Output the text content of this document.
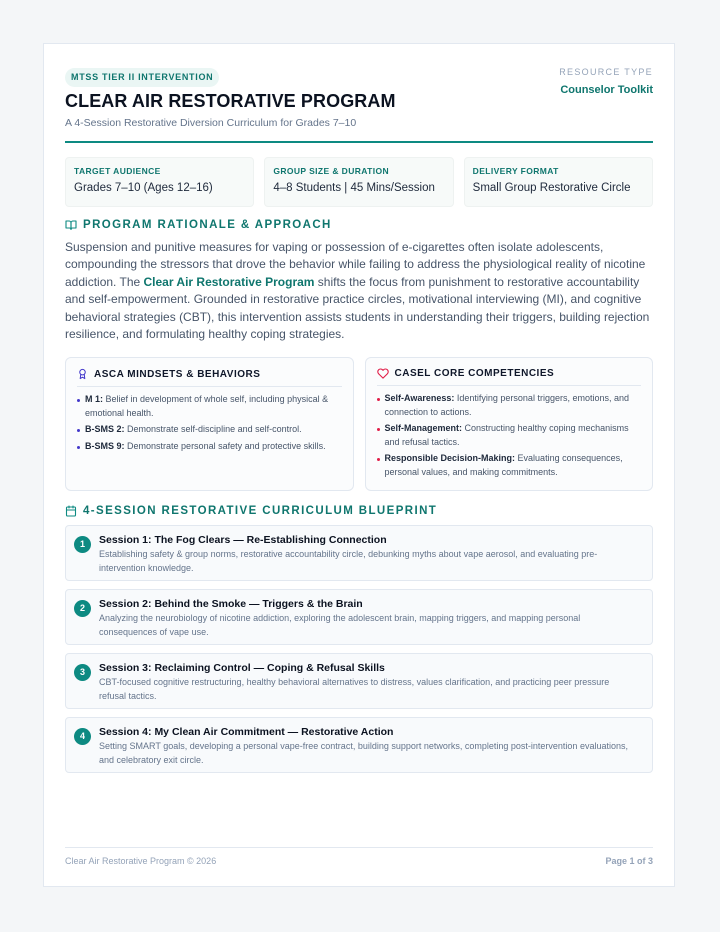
MTSS TIER II INTERVENTION
CLEAR AIR RESTORATIVE PROGRAM
A 4-Session Restorative Diversion Curriculum for Grades 7–10
RESOURCE TYPE
Counselor Toolkit
TARGET AUDIENCE
Grades 7–10 (Ages 12–16)
GROUP SIZE & DURATION
4–8 Students | 45 Mins/Session
DELIVERY FORMAT
Small Group Restorative Circle
PROGRAM RATIONALE & APPROACH

Suspension and punitive measures for vaping or possession of e-cigarettes often isolate adolescents, compounding the stressors that drove the behavior while failing to address the physiological reality of nicotine addiction. The Clear Air Restorative Program shifts the focus from punishment to restorative accountability and self-empowerment. Grounded in restorative practice circles, motivational interviewing (MI), and cognitive behavioral strategies (CBT), this intervention assists students in understanding their triggers, building rejection resilience, and formulating healthy coping strategies.

ASCA MINDSETS & BEHAVIORS
M 1: Belief in development of whole self, including physical & emotional health.
B-SMS 2: Demonstrate self-discipline and self-control.
B-SMS 9: Demonstrate personal safety and protective skills.
CASEL CORE COMPETENCIES
Self-Awareness: Identifying personal triggers, emotions, and connection to actions.
Self-Management: Constructing healthy coping mechanisms and refusal tactics.
Responsible Decision-Making: Evaluating consequences, personal values, and making commitments.
4-SESSION RESTORATIVE CURRICULUM BLUEPRINT
1	Session 1: The Fog Clears — Re-Establishing Connection
Establishing safety & group norms, restorative accountability circle, debunking myths about vape aerosol, and evaluating pre-intervention knowledge.
2	Session 2: Behind the Smoke — Triggers & the Brain
Analyzing the neurobiology of nicotine addiction, exploring the adolescent brain, mapping triggers, and mapping personal consequences of vape use.
3	Session 3: Reclaiming Control — Coping & Refusal Skills
CBT-focused cognitive restructuring, healthy behavioral alternatives to distress, values clarification, and practicing peer pressure refusal tactics.
4	Session 4: My Clean Air Commitment — Restorative Action
Setting SMART goals, developing a personal vape-free contract, building support networks, completing post-intervention evaluations, and celebratory exit circle.
Clear Air Restorative Program © 2026	Page 1 of 3
